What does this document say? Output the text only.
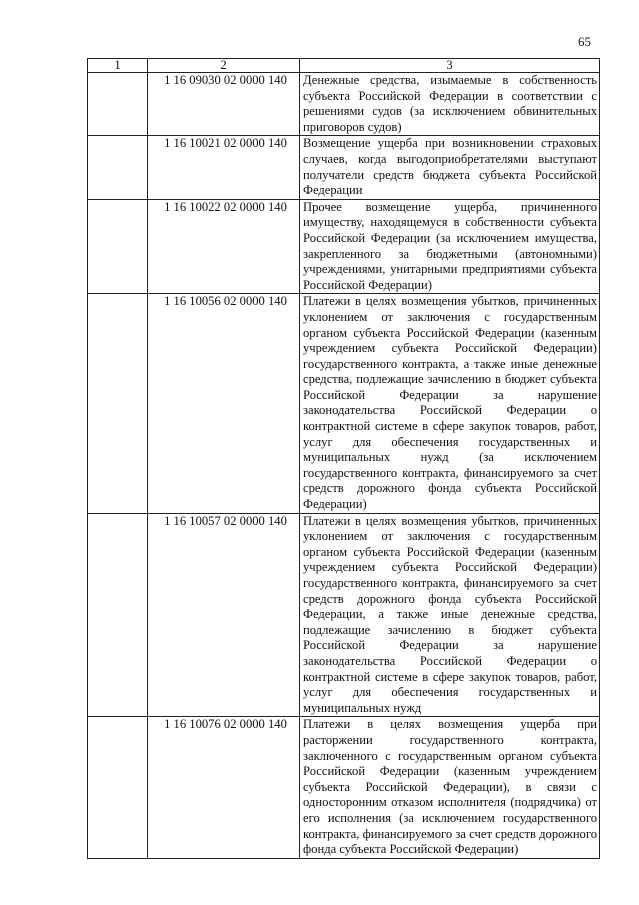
65
1	2	3
	1 16 09030 02 0000 140	Денежные средства, изымаемые в собственность субъекта Российской Федерации в соответствии с решениями судов (за исключением обвинительных приговоров судов)
	1 16 10021 02 0000 140	Возмещение ущерба при возникновении страховых случаев, когда выгодоприобретателями выступают получатели средств бюджета субъекта Российской Федерации
	1 16 10022 02 0000 140	Прочее возмещение ущерба, причиненного имуществу, находящемуся в собственности субъекта Российской Федерации (за исключением имущества, закрепленного за бюджетными (автономными) учреждениями, унитарными предприятиями субъекта Российской Федерации)
	1 16 10056 02 0000 140	Платежи в целях возмещения убытков, причиненных уклонением от заключения с государственным органом субъекта Российской Федерации (казенным учреждением субъекта Российской Федерации) государственного контракта, а также иные денежные средства, подлежащие зачислению в бюджет субъекта Российской Федерации за нарушение законодательства Российской Федерации о контрактной системе в сфере закупок товаров, работ, услуг для обеспечения государственных и муниципальных нужд (за исключением государственного контракта, финансируемого за счет средств дорожного фонда субъекта Российской Федерации)
	1 16 10057 02 0000 140	Платежи в целях возмещения убытков, причиненных уклонением от заключения с государственным органом субъекта Российской Федерации (казенным учреждением субъекта Российской Федерации) государственного контракта, финансируемого за счет средств дорожного фонда субъекта Российской Федерации, а также иные денежные средства, подлежащие зачислению в бюджет субъекта Российской Федерации за нарушение законодательства Российской Федерации о контрактной системе в сфере закупок товаров, работ, услуг для обеспечения государственных и муниципальных нужд
	1 16 10076 02 0000 140	Платежи в целях возмещения ущерба при расторжении государственного контракта, заключенного с государственным органом субъекта Российской Федерации (казенным учреждением субъекта Российской Федерации), в связи с односторонним отказом исполнителя (подрядчика) от его исполнения (за исключением государственного контракта, финансируемого за счет средств дорожного фонда субъекта Российской Федерации)
